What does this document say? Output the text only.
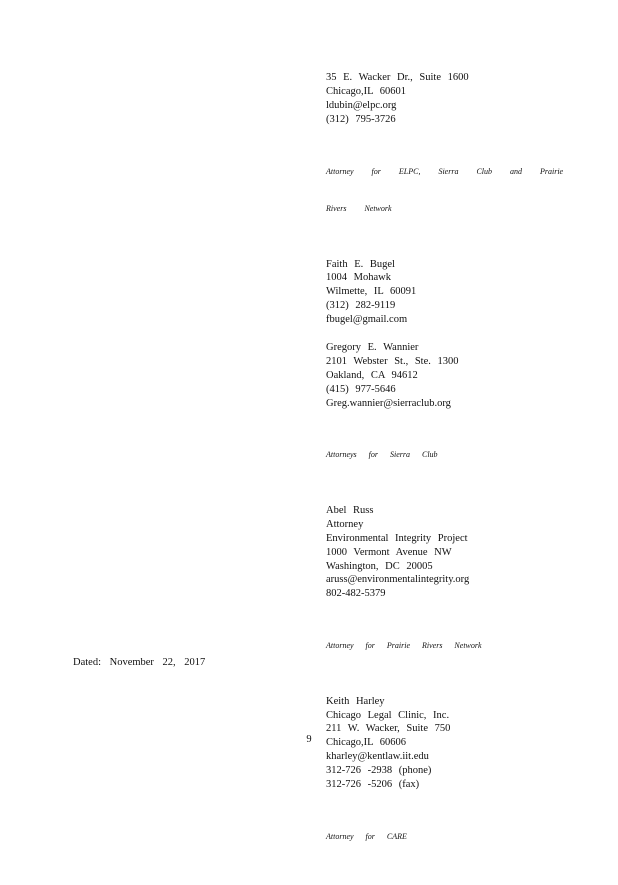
35 E. Wacker Dr., Suite 1600
Chicago,IL 60601
ldubin@elpc.org
(312) 795-3726

Attorney for ELPC, Sierra Club and Prairie

Rivers Network

Faith E. Bugel
1004 Mohawk
Wilmette, IL 60091
(312) 282-9119
fbugel@gmail.com
Gregory E. Wannier
2101 Webster St., Ste. 1300
Oakland, CA 94612
(415) 977-5646
Greg.wannier@sierraclub.org

Attorneys for Sierra Club

Abel Russ
Attorney
Environmental Integrity Project
1000 Vermont Avenue NW
Washington, DC 20005
aruss@environmentalintegrity.org
802-482-5379

Attorney for Prairie Rivers Network

Keith Harley
Chicago Legal Clinic, Inc.
211 W. Wacker, Suite 750
Chicago,IL 60606
kharley@kentlaw.iit.edu
312-726 -2938 (phone)
312-726 -5206 (fax)

Attorney for CARE

Dated: November 22, 2017
9
